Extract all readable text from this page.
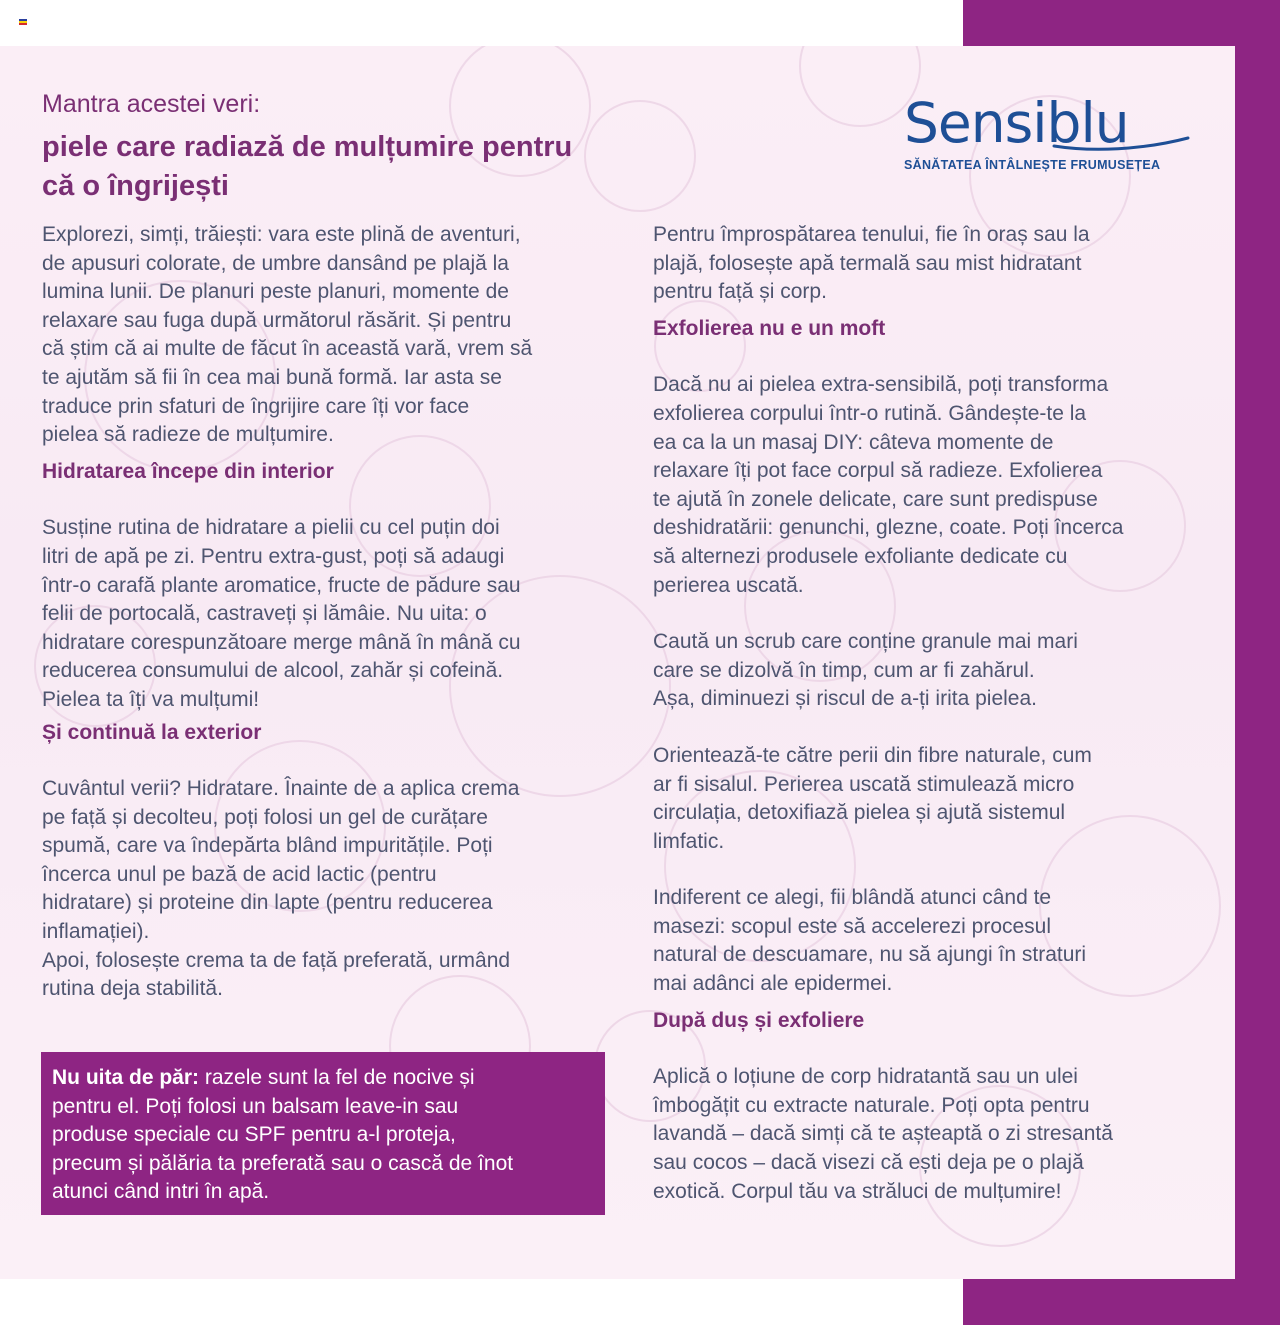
Mantra acestei veri:
piele care radiază de mulțumire pentru că o îngrijești
Sensiblu
SĂNĂTATEA ÎNTÂLNEȘTE FRUMUSEȚEA

Explorezi, simți, trăiești: vara este plină de aventuri,
de apusuri colorate, de umbre dansând pe plajă la
lumina lunii. De planuri peste planuri, momente de
relaxare sau fuga după următorul răsărit. Și pentru
că știm că ai multe de făcut în această vară, vrem să
te ajutăm să fii în cea mai bună formă. Iar asta se
traduce prin sfaturi de îngrijire care îți vor face
pielea să radieze de mulțumire.

Hidratarea începe din interior

Susține rutina de hidratare a pielii cu cel puțin doi
litri de apă pe zi. Pentru extra-gust, poți să adaugi
într-o carafă plante aromatice, fructe de pădure sau
felii de portocală, castraveți și lămâie. Nu uita: o
hidratare corespunzătoare merge mână în mână cu
reducerea consumului de alcool, zahăr și cofeină.
Pielea ta îți va mulțumi!

Și continuă la exterior

Cuvântul verii? Hidratare. Înainte de a aplica crema
pe față și decolteu, poți folosi un gel de curățare
spumă, care va îndepărta blând impuritățile. Poți
încerca unul pe bază de acid lactic (pentru
hidratare) și proteine din lapte (pentru reducerea
inflamației).
Apoi, folosește crema ta de față preferată, urmând
rutina deja stabilită.

Nu uita de păr: razele sunt la fel de nocive și
pentru el. Poți folosi un balsam leave-in sau
produse speciale cu SPF pentru a-l proteja,
precum și pălăria ta preferată sau o cască de înot
atunci când intri în apă.

Pentru împrospătarea tenului, fie în oraș sau la
plajă, folosește apă termală sau mist hidratant
pentru față și corp.

Exfolierea nu e un moft

Dacă nu ai pielea extra-sensibilă, poți transforma
exfolierea corpului într-o rutină. Gândește-te la
ea ca la un masaj DIY: câteva momente de
relaxare îți pot face corpul să radieze. Exfolierea
te ajută în zonele delicate, care sunt predispuse
deshidratării: genunchi, glezne, coate. Poți încerca
să alternezi produsele exfoliante dedicate cu
perierea uscată.

Caută un scrub care conține granule mai mari
care se dizolvă în timp, cum ar fi zahărul.
Așa, diminuezi și riscul de a-ți irita pielea.

Orientează-te către perii din fibre naturale, cum
ar fi sisalul. Perierea uscată stimulează micro
circulația, detoxifiază pielea și ajută sistemul
limfatic.

Indiferent ce alegi, fii blândă atunci când te
masezi: scopul este să accelerezi procesul
natural de descuamare, nu să ajungi în straturi
mai adânci ale epidermei.

După duș și exfoliere

Aplică o loțiune de corp hidratantă sau un ulei
îmbogățit cu extracte naturale. Poți opta pentru
lavandă – dacă simți că te așteaptă o zi stresantă
sau cocos – dacă visezi că ești deja pe o plajă
exotică. Corpul tău va străluci de mulțumire!
